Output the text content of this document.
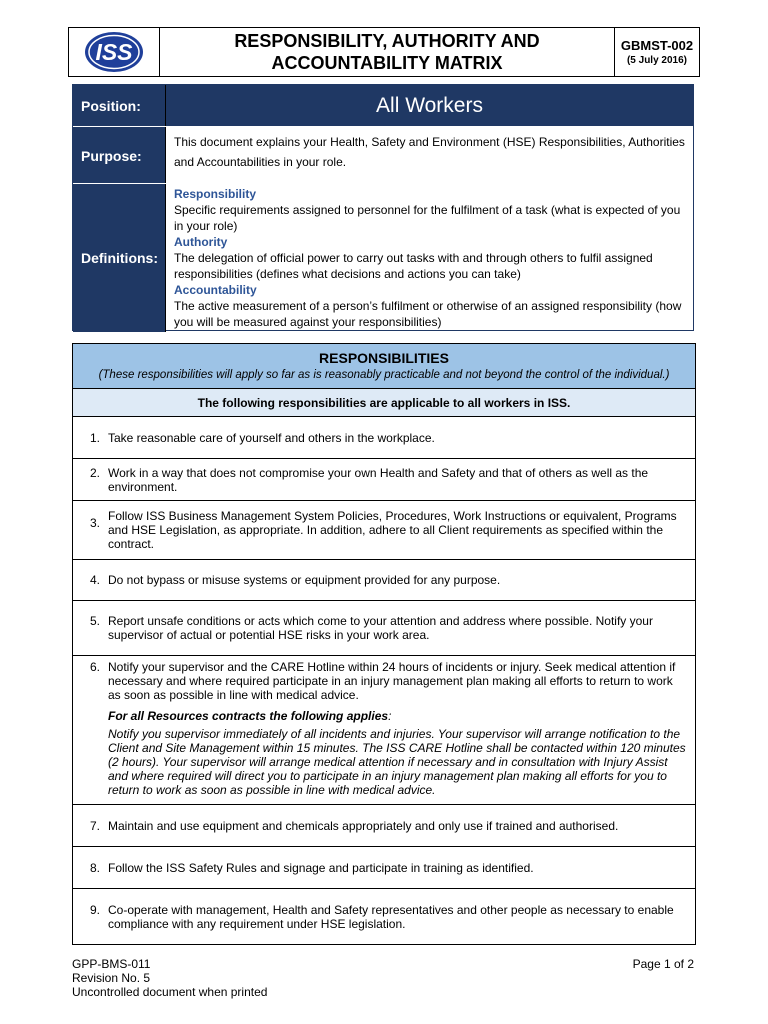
ISS	RESPONSIBILITY, AUTHORITY AND
ACCOUNTABILITY MATRIX
GBMST-002
(5 July 2016)
Position:	All Workers
Purpose:
This document explains your Health, Safety and Environment (HSE) Responsibilities, Authorities and Accountabilities in your role.
Definitions:
Responsibility
Specific requirements assigned to personnel for the fulfilment of a task (what is expected of you in your role)
Authority
The delegation of official power to carry out tasks with and through others to fulfil assigned responsibilities (defines what decisions and actions you can take)
Accountability
The active measurement of a person’s fulfilment or otherwise of an assigned responsibility (how you will be measured against your responsibilities)
RESPONSIBILITIES
(These responsibilities will apply so far as is reasonably practicable and not beyond the control of the individual.)
The following responsibilities are applicable to all workers in ISS.
1. Take reasonable care of yourself and others in the workplace.
2. Work in a way that does not compromise your own Health and Safety and that of others as well as the environment.
3. Follow ISS Business Management System Policies, Procedures, Work Instructions or equivalent, Programs and HSE Legislation, as appropriate. In addition, adhere to all Client requirements as specified within the contract.
4. Do not bypass or misuse systems or equipment provided for any purpose.
5. Report unsafe conditions or acts which come to your attention and address where possible. Notify your supervisor of actual or potential HSE risks in your work area.
6. Notify your supervisor and the CARE Hotline within 24 hours of incidents or injury. Seek medical attention if necessary and where required participate in an injury management plan making all efforts to return to work as soon as possible in line with medical advice.
For all Resources contracts the following applies:
Notify you supervisor immediately of all incidents and injuries. Your supervisor will arrange notification to the Client and Site Management within 15 minutes. The ISS CARE Hotline shall be contacted within 120 minutes (2 hours). Your supervisor will arrange medical attention if necessary and in consultation with Injury Assist and where required will direct you to participate in an injury management plan making all efforts for you to return to work as soon as possible in line with medical advice.
7. Maintain and use equipment and chemicals appropriately and only use if trained and authorised.
8. Follow the ISS Safety Rules and signage and participate in training as identified.
9. Co-operate with management, Health and Safety representatives and other people as necessary to enable compliance with any requirement under HSE legislation.
GPP-BMS-011
Revision No. 5
Uncontrolled document when printed
Page 1 of 2
